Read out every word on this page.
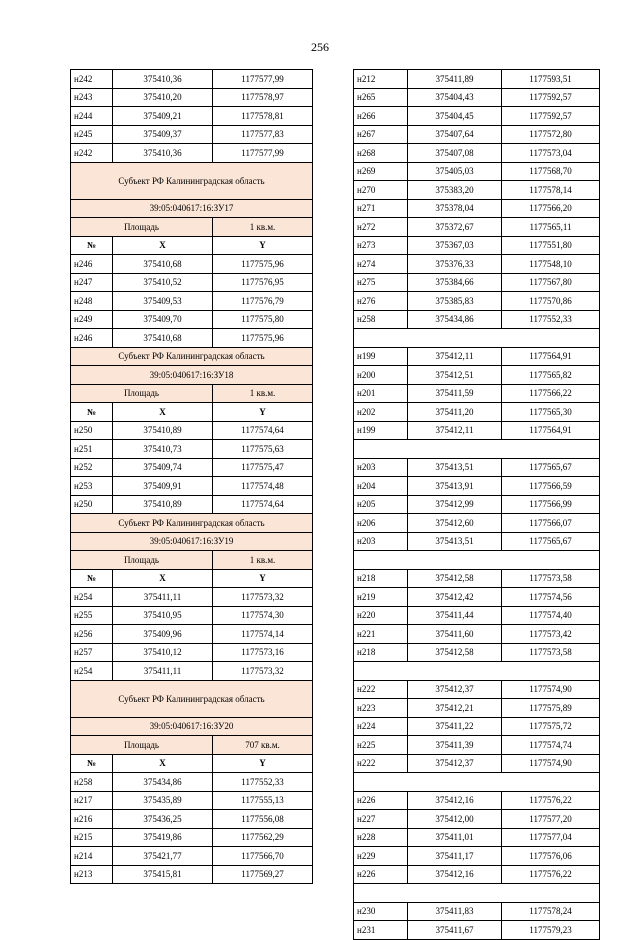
256
н242	375410,36	1177577,99
н243	375410,20	1177578,97
н244	375409,21	1177578,81
н245	375409,37	1177577,83
н242	375410,36	1177577,99
Субъект РФ Калининградская область		
39:05:040617:16:ЗУ17		
Площадь		1 кв.м.
№	X	Y
н246	375410,68	1177575,96
н247	375410,52	1177576,95
н248	375409,53	1177576,79
н249	375409,70	1177575,80
н246	375410,68	1177575,96
Субъект РФ Калининградская область		
39:05:040617:16:ЗУ18		
Площадь		1 кв.м.
№	X	Y
н250	375410,89	1177574,64
н251	375410,73	1177575,63
н252	375409,74	1177575,47
н253	375409,91	1177574,48
н250	375410,89	1177574,64
Субъект РФ Калининградская область		
39:05:040617:16:ЗУ19		
Площадь		1 кв.м.
№	X	Y
н254	375411,11	1177573,32
н255	375410,95	1177574,30
н256	375409,96	1177574,14
н257	375410,12	1177573,16
н254	375411,11	1177573,32
Субъект РФ Калининградская область		
39:05:040617:16:ЗУ20		
Площадь		707 кв.м.
№	X	Y
н258	375434,86	1177552,33
н217	375435,89	1177555,13
н216	375436,25	1177556,08
н215	375419,86	1177562,29
н214	375421,77	1177566,70
н213	375415,81	1177569,27
н212	375411,89	1177593,51
н265	375404,43	1177592,57
н266	375404,45	1177592,57
н267	375407,64	1177572,80
н268	375407,08	1177573,04
н269	375405,03	1177568,70
н270	375383,20	1177578,14
н271	375378,04	1177566,20
н272	375372,67	1177565,11
н273	375367,03	1177551,80
н274	375376,33	1177548,10
н275	375384,66	1177567,80
н276	375385,83	1177570,86
н258	375434,86	1177552,33

н199	375412,11	1177564,91
н200	375412,51	1177565,82
н201	375411,59	1177566,22
н202	375411,20	1177565,30
н199	375412,11	1177564,91

н203	375413,51	1177565,67
н204	375413,91	1177566,59
н205	375412,99	1177566,99
н206	375412,60	1177566,07
н203	375413,51	1177565,67

н218	375412,58	1177573,58
н219	375412,42	1177574,56
н220	375411,44	1177574,40
н221	375411,60	1177573,42
н218	375412,58	1177573,58

н222	375412,37	1177574,90
н223	375412,21	1177575,89
н224	375411,22	1177575,72
н225	375411,39	1177574,74
н222	375412,37	1177574,90

н226	375412,16	1177576,22
н227	375412,00	1177577,20
н228	375411,01	1177577,04
н229	375411,17	1177576,06
н226	375412,16	1177576,22

н230	375411,83	1177578,24
н231	375411,67	1177579,23
